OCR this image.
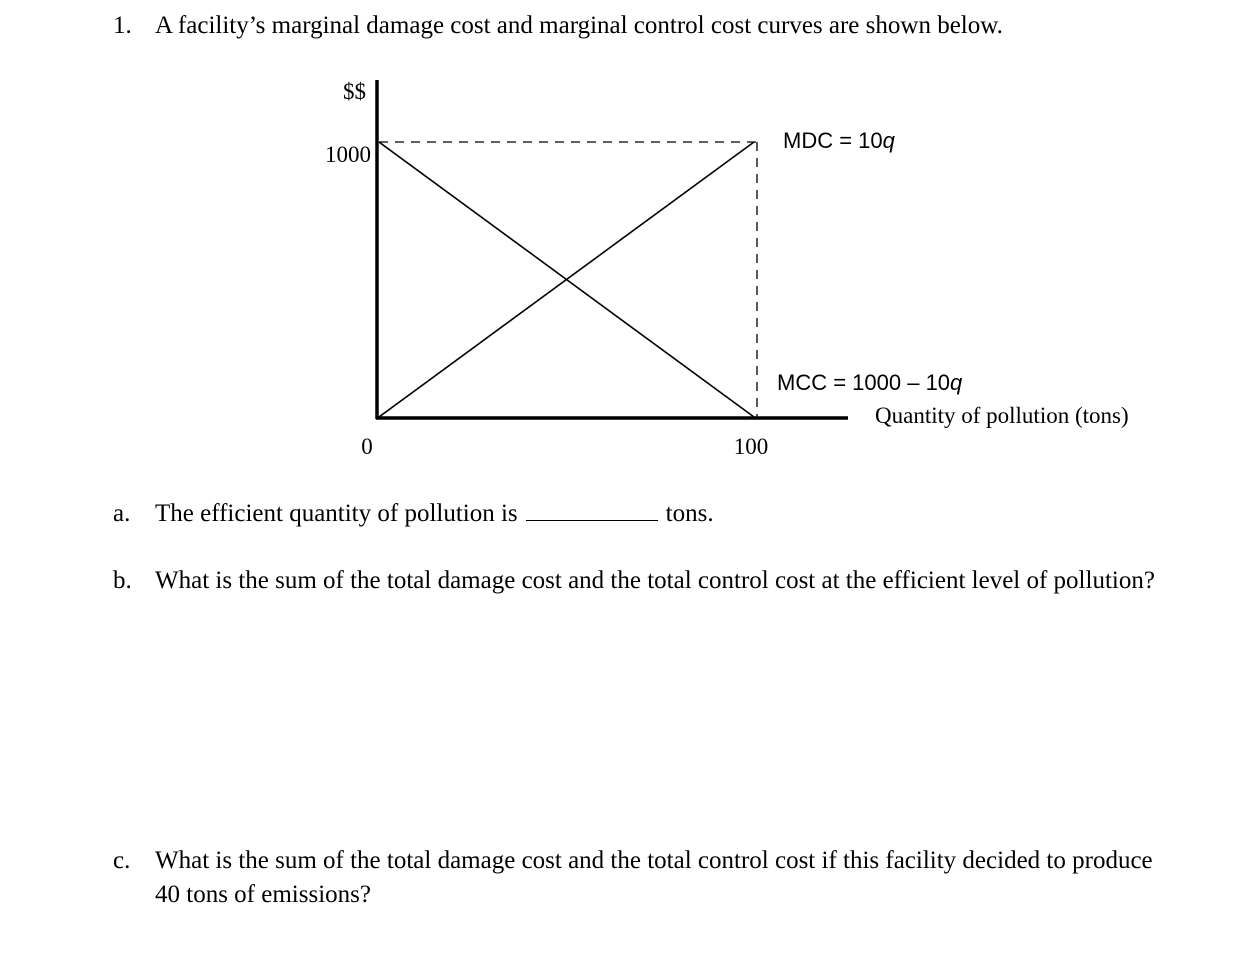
1. A facility’s marginal damage cost and marginal control cost curves are shown below.
$$
1000
0	100
Quantity of pollution (tons)
MDC = 10q
MCC = 1000 – 10q
a. The efficient quantity of pollution is	tons.
b. What is the sum of the total damage cost and the total control cost at the efficient level of pollution?
c. What is the sum of the total damage cost and the total control cost if this facility decided to produce 40 tons of emissions?
